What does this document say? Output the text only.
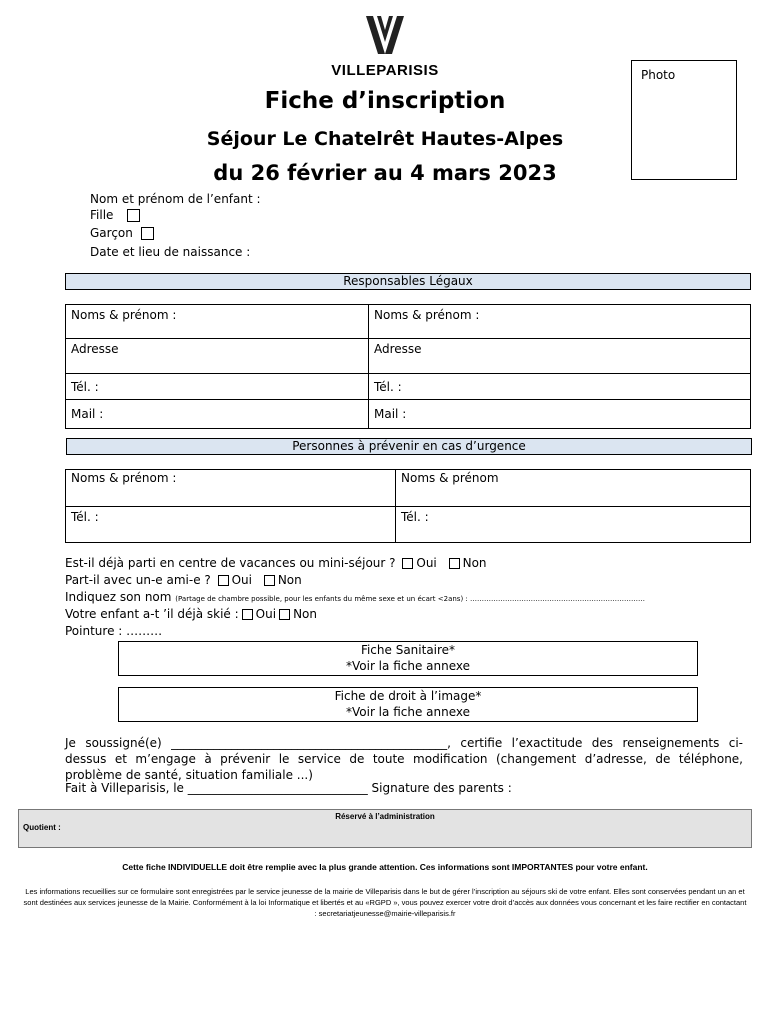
VILLEPARISIS	Photo
Fiche d’inscription
Séjour Le Chatelrêt Hautes-Alpes
du 26 février au 4 mars 2023
Nom et prénom de l’enfant :
Fille
Garçon
Date et lieu de naissance :
Responsables Légaux
Noms & prénom :	Noms & prénom :
Adresse	Adresse
Tél. :	Tél. :
Mail :	Mail :
Personnes à prévenir en cas d’urgence
Noms & prénom :	Noms & prénom
Tél. :	Tél. :
Est-il déjà parti en centre de vacances ou mini-séjour ? Oui Non
Part-il avec un-e ami-e ? Oui Non
Indiquez son nom (Partage de chambre possible, pour les enfants du même sexe et un écart <2ans) : …………………………………………………………………
Votre enfant a-t ’il déjà skié : Oui Non
Pointure : ………
Fiche Sanitaire*
*Voir la fiche annexe
Fiche de droit à l’image*
*Voir la fiche annexe
Je soussigné(e) ______________________________________________, certifie l’exactitude des renseignements ci-dessus et m’engage à prévenir le service de toute modification (changement d’adresse, de téléphone, problème de santé, situation familiale ...)
Fait à Villeparisis, le ______________________________ Signature des parents :
Réservé à l’administration
Quotient :
Cette fiche INDIVIDUELLE doit être remplie avec la plus grande attention. Ces informations sont IMPORTANTES pour votre enfant.
Les informations recueillies sur ce formulaire sont enregistrées par le service jeunesse de la mairie de Villeparisis dans le but de gérer l’inscription au séjours ski de votre enfant. Elles sont conservées pendant un an et sont destinées aux services jeunesse de la Mairie. Conformément à la loi Informatique et libertés et au «RGPD », vous pouvez exercer votre droit d’accès aux données vous concernant et les faire rectifier en contactant : secretariatjeunesse@mairie-villeparisis.fr
